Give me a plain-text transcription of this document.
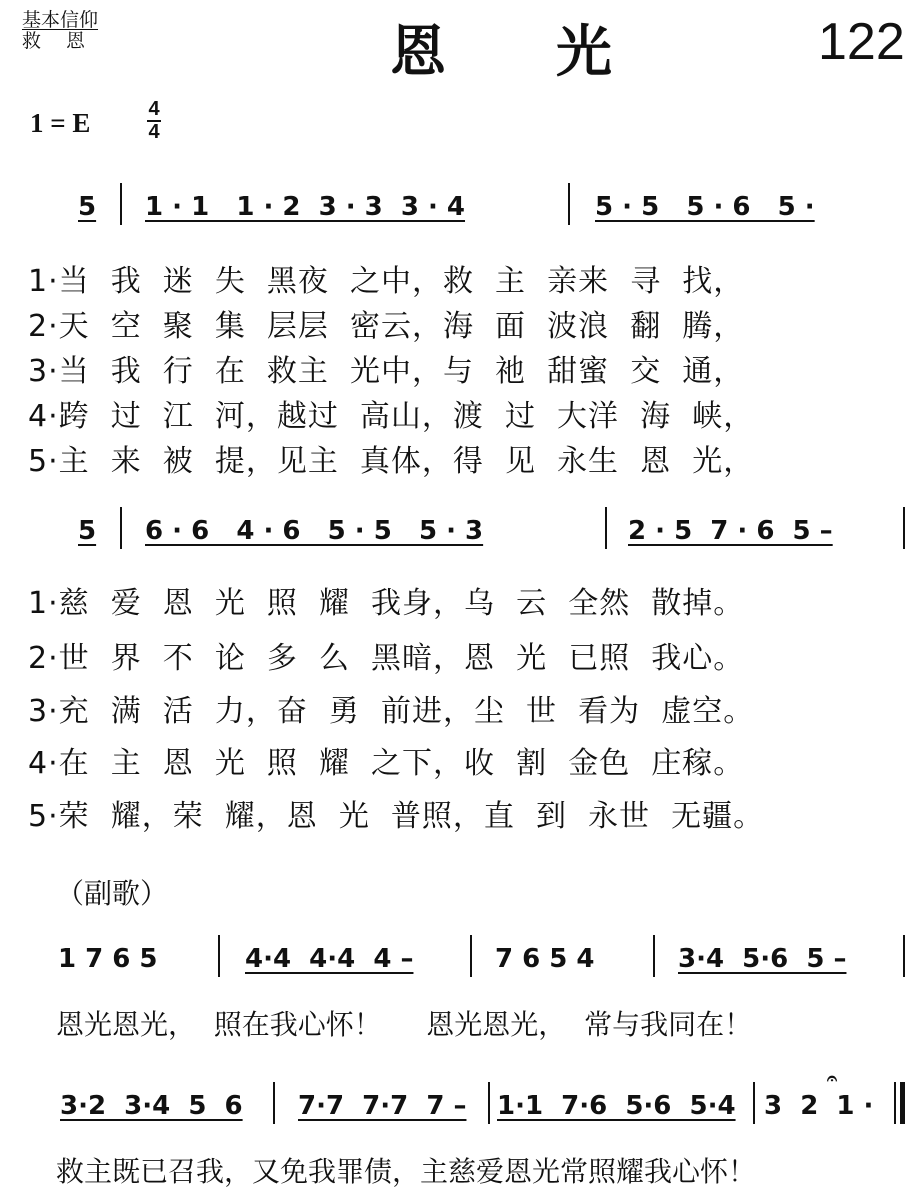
基本信仰
救　 恩	恩光 122
1 = E	4
4
5 1 · 1   1 · 2  3 · 3  3 · 4	5 · 5   5 · 6   5 ·
1·当  我  迷  失  黑夜  之中，救  主  亲来  寻  找，
2·天  空  聚  集  层层  密云，海  面  波浪  翻  腾，
3·当  我  行  在  救主  光中，与  祂  甜蜜  交  通，
4·跨  过  江  河，越过  高山，渡  过  大洋  海  峡，
5·主  来  被  提，见主  真体，得  见  永生  恩  光，
5 6 · 6   4 · 6   5 · 5   5 · 3	2 · 5  7 · 6  5 –
1·慈  爱  恩  光  照  耀  我身，乌  云  全然  散掉。
2·世  界  不  论  多  么  黑暗，恩  光  已照  我心。
3·充  满  活  力，奋  勇  前进，尘  世  看为  虚空。
4·在  主  恩  光  照  耀  之下，收  割  金色  庄稼。
5·荣  耀，荣  耀，恩  光  普照，直  到  永世  无疆。
（副歌）
1 7 6 5	4·4  4·4  4 –	7 6 5 4	3·4  5·6  5 –
恩光恩光，  照在我心怀！     恩光恩光，  常与我同在！
3·2  3·4  5  6 7·7  7·7  7 – 1·1  7·6  5·6  5·4 3  2  1 ·
𝄐
救主既已召我，又免我罪债，主慈爱恩光常照耀我心怀！
